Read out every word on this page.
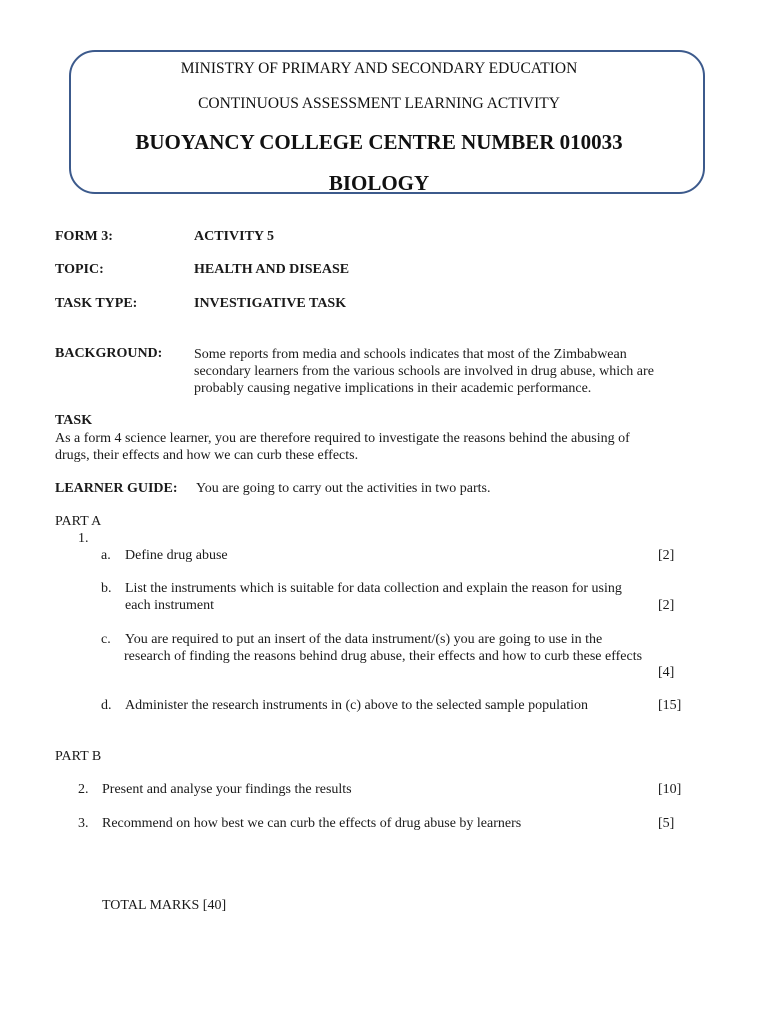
MINISTRY OF PRIMARY AND SECONDARY EDUCATION
CONTINUOUS ASSESSMENT LEARNING ACTIVITY
BUOYANCY COLLEGE CENTRE NUMBER 010033
BIOLOGY
FORM 3:	ACTIVITY 5
TOPIC:	HEALTH AND DISEASE
TASK TYPE:	INVESTIGATIVE TASK
BACKGROUND: Some reports from media and schools indicates that most of the Zimbabwean
secondary learners from the various schools are involved in drug abuse, which are
probably causing negative implications in their academic performance.
TASK
As a form 4 science learner, you are therefore required to investigate the reasons behind the abusing of
drugs, their effects and how we can curb these effects.
LEARNER GUIDE: You are going to carry out the activities in two parts.
PART A
1.
a. Define drug abuse	[2]
b. List the instruments which is suitable for data collection and explain the reason for using
each instrument	[2]
c. You are required to put an insert of the data instrument/(s) you are going to use in the
research of finding the reasons behind drug abuse, their effects and how to curb these effects
[4]
d. Administer the research instruments in (c) above to the selected sample population	[15]
PART B
2. Present and analyse your findings the results	[10]
3. Recommend on how best we can curb the effects of drug abuse by learners	[5]
TOTAL MARKS [40]
